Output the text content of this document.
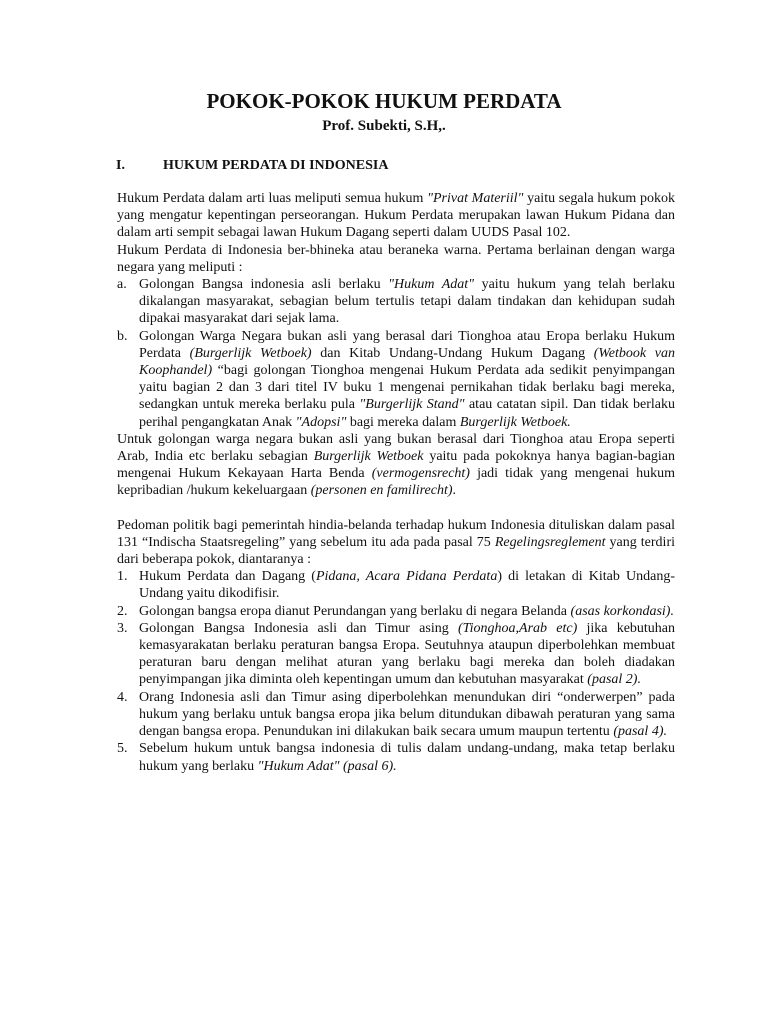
POKOK-POKOK HUKUM PERDATA
Prof. Subekti, S.H,.
I.	HUKUM PERDATA DI INDONESIA

Hukum Perdata dalam arti luas meliputi semua hukum "Privat Materiil" yaitu segala hukum pokok yang mengatur kepentingan perseorangan. Hukum Perdata merupakan lawan Hukum Pidana dan dalam arti sempit sebagai lawan Hukum Dagang seperti dalam UUDS Pasal 102.

Hukum Perdata di Indonesia ber-bhineka atau beraneka warna. Pertama berlainan dengan warga negara yang meliputi :

a. Golongan Bangsa indonesia asli berlaku "Hukum Adat" yaitu hukum yang telah berlaku dikalangan masyarakat, sebagian belum tertulis tetapi dalam tindakan dan kehidupan sudah dipakai masyarakat dari sejak lama.
b. Golongan Warga Negara bukan asli yang berasal dari Tionghoa atau Eropa berlaku Hukum Perdata (Burgerlijk Wetboek) dan Kitab Undang-Undang Hukum Dagang (Wetbook van Koophandel) “bagi golongan Tionghoa mengenai Hukum Perdata ada sedikit penyimpangan yaitu bagian 2 dan 3 dari titel IV buku 1 mengenai pernikahan tidak berlaku bagi mereka, sedangkan untuk mereka berlaku pula "Burgerlijk Stand" atau catatan sipil. Dan tidak berlaku perihal pengangkatan Anak "Adopsi" bagi mereka dalam Burgerlijk Wetboek.

Untuk golongan warga negara bukan asli yang bukan berasal dari Tionghoa atau Eropa seperti Arab, India etc berlaku sebagian Burgerlijk Wetboek yaitu pada pokoknya hanya bagian-bagian mengenai Hukum Kekayaan Harta Benda (vermogensrecht) jadi tidak yang mengenai hukum kepribadian /hukum kekeluargaan (personen en familirecht).

Pedoman politik bagi pemerintah hindia-belanda terhadap hukum Indonesia dituliskan dalam pasal 131 “Indischa Staatsregeling” yang sebelum itu ada pada pasal 75 Regelingsreglement yang terdiri dari beberapa pokok, diantaranya :

1. Hukum Perdata dan Dagang (Pidana, Acara Pidana Perdata) di letakan di Kitab Undang-Undang yaitu dikodifisir.
2. Golongan bangsa eropa dianut Perundangan yang berlaku di negara Belanda (asas korkondasi).
3. Golongan Bangsa Indonesia asli dan Timur asing (Tionghoa,Arab etc) jika kebutuhan kemasyarakatan berlaku peraturan bangsa Eropa. Seutuhnya ataupun diperbolehkan membuat peraturan baru dengan melihat aturan yang berlaku bagi mereka dan boleh diadakan penyimpangan jika diminta oleh kepentingan umum dan kebutuhan masyarakat (pasal 2).
4. Orang Indonesia asli dan Timur asing diperbolehkan menundukan diri “onderwerpen” pada hukum yang berlaku untuk bangsa eropa jika belum ditundukan dibawah peraturan yang sama dengan bangsa eropa. Penundukan ini dilakukan baik secara umum maupun tertentu (pasal 4).
5. Sebelum hukum untuk bangsa indonesia di tulis dalam undang-undang, maka tetap berlaku hukum yang berlaku "Hukum Adat" (pasal 6).
